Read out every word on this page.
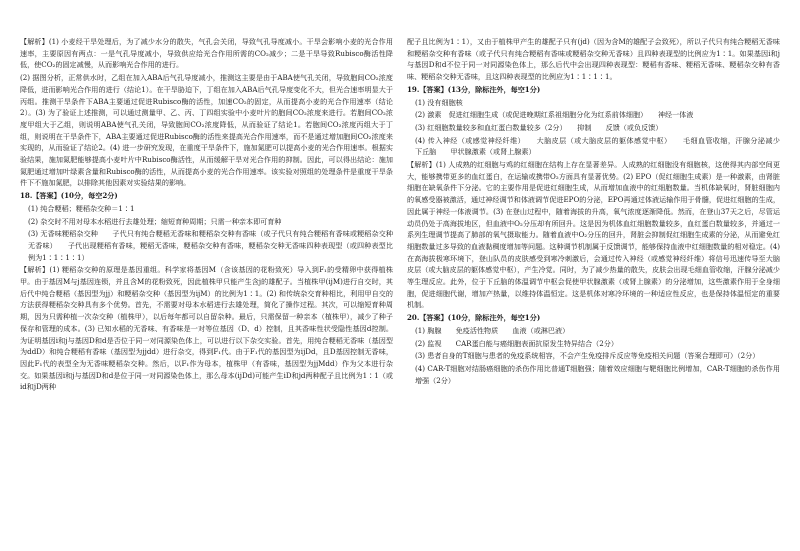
【解析】(1) 小麦经干旱处理后，为了减少水分的散失，气孔会关闭，导致气孔导度减小。干旱会影响小麦的光合作用速率，主要原因有两点：一是气孔导度减小，导致供应给光合作用所需的CO₂减少；二是干旱导致Rubisco酶活性降低，使CO₂的固定减慢，从而影响光合作用的进行。

(2) 据图分析，正常供水时，乙组在加入ABA后气孔导度减小，推测这主要是由于ABA使气孔关闭，导致胞间CO₂浓度降低，进而影响光合作用的进行（结论1）。在干旱胁迫下，丁组在加入ABA后气孔导度变化不大，但光合速率明显大于丙组。推测干旱条件下ABA主要通过促进Rubisco酶的活性，加速CO₂的固定，从而提高小麦的光合作用速率（结论2）。(3) 为了验证上述推测，可以通过测量甲、乙、丙、丁四组实验中小麦叶片的胞间CO₂浓度来进行。若胞间CO₂浓度甲组大于乙组，则说明ABA使气孔关闭，导致胞间CO₂浓度降低，从而验证了结论1。若胞间CO₂浓度丙组大于丁组，则说明在干旱条件下，ABA主要通过促进Rubisco酶的活性来提高光合作用速率，而不是通过增加胞间CO₂浓度来实现的，从而验证了结论2。(4) 进一步研究发现，在重度干旱条件下，施加氮肥可以提高小麦的光合作用速率。根据实验结果，施加氮肥能够提高小麦叶片中Rubisco酶活性，从而缓解干旱对光合作用的抑制。因此，可以得出结论：施加氮肥通过增加叶绿素含量和Rubisco酶的活性，从而提高小麦的光合作用速率。该实验对照组的处理条件是重度干旱条件下不施加氮肥，以排除其他因素对实验结果的影响。

18.【答案】(10分，每空2分)

(1) 纯合粳稻；粳稻杂交种＝1∶1

(2) 杂交时不用对母本水稻进行去雄处理；缩短育种周期；只需一种亲本即可育种

(3) 无香味粳稻杂交种　　子代只有纯合粳稻无香味和粳稻杂交种有香味（或子代只有纯合粳稻有香味或粳稻杂交种无香味）　　子代出现粳稻有香味，粳稻无香味，粳稻杂交种有香味，粳稻杂交种无香味四种表现型（或四种表型比例为1∶1∶1∶1）

【解析】(1) 粳稻杂交种的原理是基因重组。科学家将基因M（含该基因的花粉致死）导入到F₁的受精卵中获得植株甲。由于基因M与j基因连锁，并且含M的花粉致死，因此植株甲只能产生含j的雄配子。当植株甲(ijM)进行自交时，其后代中纯合粳稻（基因型为jj）和粳稻杂交种（基因型为ijM）的比例为1∶1。(2) 和传统杂交育种相比，利用甲自交的方法获得粳稻杂交种具有多个优势。首先，不需要对母本水稻进行去雄处理，简化了操作过程。其次，可以缩短育种周期，因为只需种植一次杂交种（植株甲），以后每年都可以自留杂种。最后，只需保留一种亲本（植株甲），减少了种子保存和管理的成本。(3) 已知水稻的无香味、有香味是一对等位基因（D、d）控制，且其香味性状受隐性基因d控制。为证明基因i和j与基因D和d是否位于同一对同源染色体上，可以进行以下杂交实验。首先，用纯合粳稻无香味（基因型为ddD）和纯合粳稻有香味（基因型为jjdd）进行杂交，得到F₁代。由于F₁代的基因型为ijDd，且D基因控制无香味，因此F₁代的表型全为无香味粳稻杂交种。然后，以F₁作为母本，植株甲（有香味，基因型为jjMdd）作为父本进行杂交。如果基因i和j与基因D和d是位于同一对同源染色体上，那么母本(ijDd)可能产生iD和jd两种配子且比例为1∶1（或id和jD两种

配子且比例为1∶1），又由于植株甲产生的雄配子只有(jd)（因为含M的雄配子会致死），所以子代只有纯合粳稻无香味和粳稻杂交种有香味（或子代只有纯合粳稻有香味或粳稻杂交种无香味）且四种表现型的比例应为1∶1。如果基因i和j与基因D和d不位于同一对同源染色体上，那么后代中会出现四种表现型：粳稻有香味、粳稻无香味、粳稻杂交种有香味、粳稻杂交种无香味，且这四种表现型的比例应为1∶1∶1∶1。

19.【答案】(13分，除标注外，每空1分)

(1) 没有细胞核

(2) 激素　促进红细胞生成（或促进晚期红系祖细胞分化为红系前体细胞）　　神经一体液

(3) 红细胞数量较多和血红蛋白数量较多（2分）　　抑制　　反馈（或负反馈）

(4) 传入神经（或感觉神经纤维）　　大脑皮层（或大脑皮层的躯体感觉中枢）　　毛细血管收缩，汗腺分泌减少　　下丘脑　　甲状腺激素（或肾上腺素）

【解析】(1) 人成熟的红细胞与鸡的红细胞在结构上存在显著差异。人成熟的红细胞没有细胞核，这使得其内部空间更大，能够携带更多的血红蛋白，在运输或携带O₂方面具有显著优势。(2) EPO（促红细胞生成素）是一种激素，由肾脏细胞在缺氧条件下分泌。它的主要作用是促进红细胞生成，从而增加血液中的红细胞数量。当机体缺氧时，肾脏细胞内的氧感受器被激活，通过神经调节和体液调节促进EPO的分泌，EPO再通过体液运输作用于骨髓，促进红细胞的生成，因此属于神经一体液调节。(3) 在登山过程中，随着海拔的升高，氧气浓度逐渐降低。然而，在登山37天之后，尽管运动员仍处于高海拔地区，但血液中O₂分压却有所回升。这是因为机体血红细胞数量较多，血红蛋白数量较多，并通过一系列生理调节提高了肺部的氧气摄取能力。随着血液中O₂分压的回升，肾脏会抑制促红细胞生成素的分泌，从而避免红细胞数量过多导致的血液黏稠度增加等问题。这种调节机制属于反馈调节，能够保持血液中红细胞数量的相对稳定。(4) 在高海拔极寒环境下，登山队员的皮肤感受到寒冷刺激后，会通过传入神经（或感觉神经纤维）将信号迅速传导至大脑皮层（或大脑皮层的躯体感觉中枢），产生冷觉。同时，为了减少热量的散失，皮肤会出现毛细血管收缩，汗腺分泌减少等生理反应。此外，位于下丘脑的体温调节中枢会促使甲状腺激素（或肾上腺素）的分泌增加，这些激素作用于全身细胞，促进细胞代谢，增加产热量，以维持体温恒定。这是机体对寒冷环境的一种适应性反应，也是保持体温恒定的重要机制。

20.【答案】(10分，除标注外，每空1分)

(1) 胸腺　　免疫活性物质　　血液（或淋巴液）

(2) 监视　　CAR蛋白能与癌细胞表面抗原发生特异结合（2分）

(3) 患者自身的T细胞与患者的免疫系统相容，不会产生免疫排斥反应等免疫相关问题（答案合理即可）（2分）

(4) CAR-T细胞对结肠癌细胞的杀伤作用比普通T细胞强；随着效应细胞与靶细胞比例增加，CAR-T细胞的杀伤作用增强（2分）
